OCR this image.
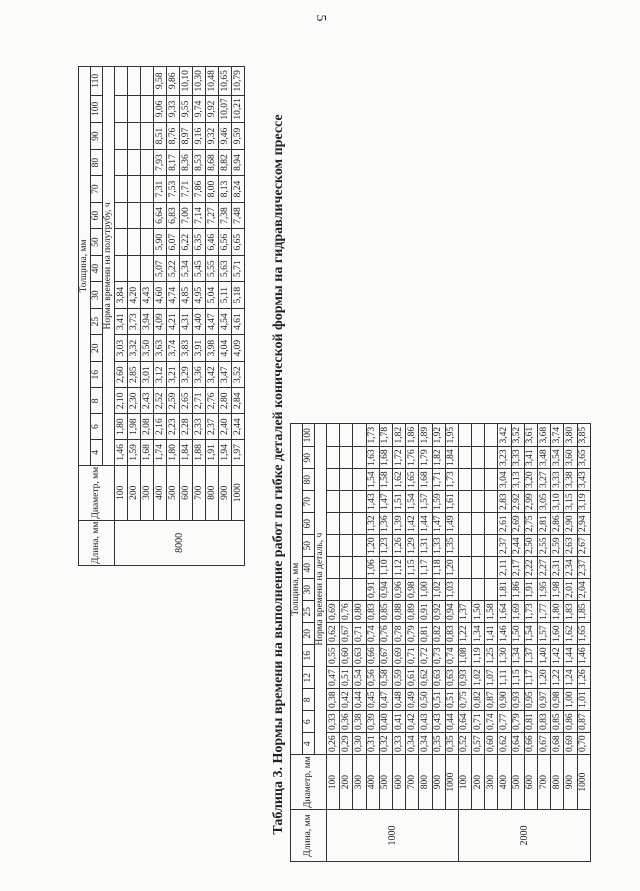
5
Длина, мм	Диаметр, мм	Толщина, мм														
		4	6	8	16	20	25	30	40	50	60	70	80	90	100	110
		Норма времени на полутрубу, ч														
8000	100	1,46	1,80	2,10	2,60	3,03	3,41	3,84								
	200	1,59	1,98	2,30	2,85	3,32	3,73	4,20								
	300	1,68	2,08	2,43	3,01	3,50	3,94	4,43								
	400	1,74	2,16	2,52	3,12	3,63	4,09	4,60	5,07	5,90	6,64	7,31	7,93	8,51	9,06	9,58
	500	1,80	2,23	2,59	3,21	3,74	4,21	4,74	5,22	6,07	6,83	7,53	8,17	8,76	9,33	9,86
	600	1,84	2,28	2,65	3,29	3,83	4,31	4,85	5,34	6,22	7,00	7,71	8,36	8,97	9,55	10,10
	700	1,88	2,33	2,71	3,36	3,91	4,40	4,95	5,45	6,35	7,14	7,86	8,53	9,16	9,74	10,30
	800	1,91	2,37	2,76	3,42	3,98	4,47	5,04	5,55	6,46	7,27	8,00	8,68	9,32	9,92	10,48
	900	1,94	2,40	2,80	3,47	4,04	4,54	5,11	5,63	6,56	7,38	8,13	8,82	9,46	10,07	10,65
	1000	1,97	2,44	2,84	3,52	4,09	4,61	5,18	5,71	6,65	7,48	8,24	8,94	9,59	10,21	10,79
Таблица 3. Нормы времени на выполнение работ по гибке деталей конической формы на гидравлическом прессе
Длина, мм	Диаметр, мм	Толщина, мм														
		4	6	8	12	16	20	25	30	40	50	60	70	80	90	100
		Норма времени на деталь, ч														
1000	100	0,26	0,33	0,38	0,47	0,55	0,62	0,69								
	200	0,29	0,36	0,42	0,51	0,60	0,67	0,76								
	300	0,30	0,38	0,44	0,54	0,63	0,71	0,80								
	400	0,31	0,39	0,45	0,56	0,66	0,74	0,83	0,91	1,06	1,20	1,32	1,43	1,54	1,63	1,73
	500	0,32	0,40	0,47	0,58	0,67	0,76	0,85	0,94	1,10	1,23	1,36	1,47	1,58	1,68	1,78
	600	0,33	0,41	0,48	0,59	0,69	0,78	0,88	0,96	1,12	1,26	1,39	1,51	1,62	1,72	1,82
	700	0,34	0,42	0,49	0,61	0,71	0,79	0,89	0,98	1,15	1,29	1,42	1,54	1,65	1,76	1,86
	800	0,34	0,43	0,50	0,62	0,72	0,81	0,91	1,00	1,17	1,31	1,44	1,57	1,68	1,79	1,89
	900	0,35	0,43	0,51	0,63	0,73	0,82	0,92	1,02	1,18	1,33	1,47	1,59	1,71	1,82	1,92
	1000	0,35	0,44	0,51	0,63	0,74	0,83	0,94	1,03	1,20	1,35	1,49	1,61	1,73	1,84	1,95
2000	100	0,52	0,64	0,75	0,93	1,08	1,22	1,37								
	200	0,57	0,71	0,82	1,02	1,19	1,34	1,50								
	300	0,60	0,74	0,87	1,07	1,25	1,41	1,58								
	400	0,62	0,77	0,90	1,11	1,30	1,46	1,64	1,81	2,11	2,37	2,61	2,83	3,04	3,23	3,42
	500	0,64	0,79	0,93	1,15	1,34	1,50	1,69	1,86	2,17	2,44	2,69	2,92	3,13	3,33	3,52
	600	0,66	0,81	0,95	1,17	1,37	1,54	1,73	1,91	2,22	2,50	2,75	2,99	3,20	3,41	3,61
	700	0,67	0,83	0,97	1,20	1,40	1,57	1,77	1,95	2,27	2,55	2,81	3,05	3,27	3,48	3,68
	800	0,68	0,85	0,98	1,22	1,42	1,60	1,80	1,98	2,31	2,59	2,86	3,10	3,33	3,54	3,74
	900	0,69	0,86	1,00	1,24	1,44	1,62	1,83	2,01	2,34	2,63	2,90	3,15	3,38	3,60	3,80
	1000	0,70	0,87	1,01	1,26	1,46	1,65	1,85	2,04	2,37	2,67	2,94	3,19	3,43	3,65	3,85
